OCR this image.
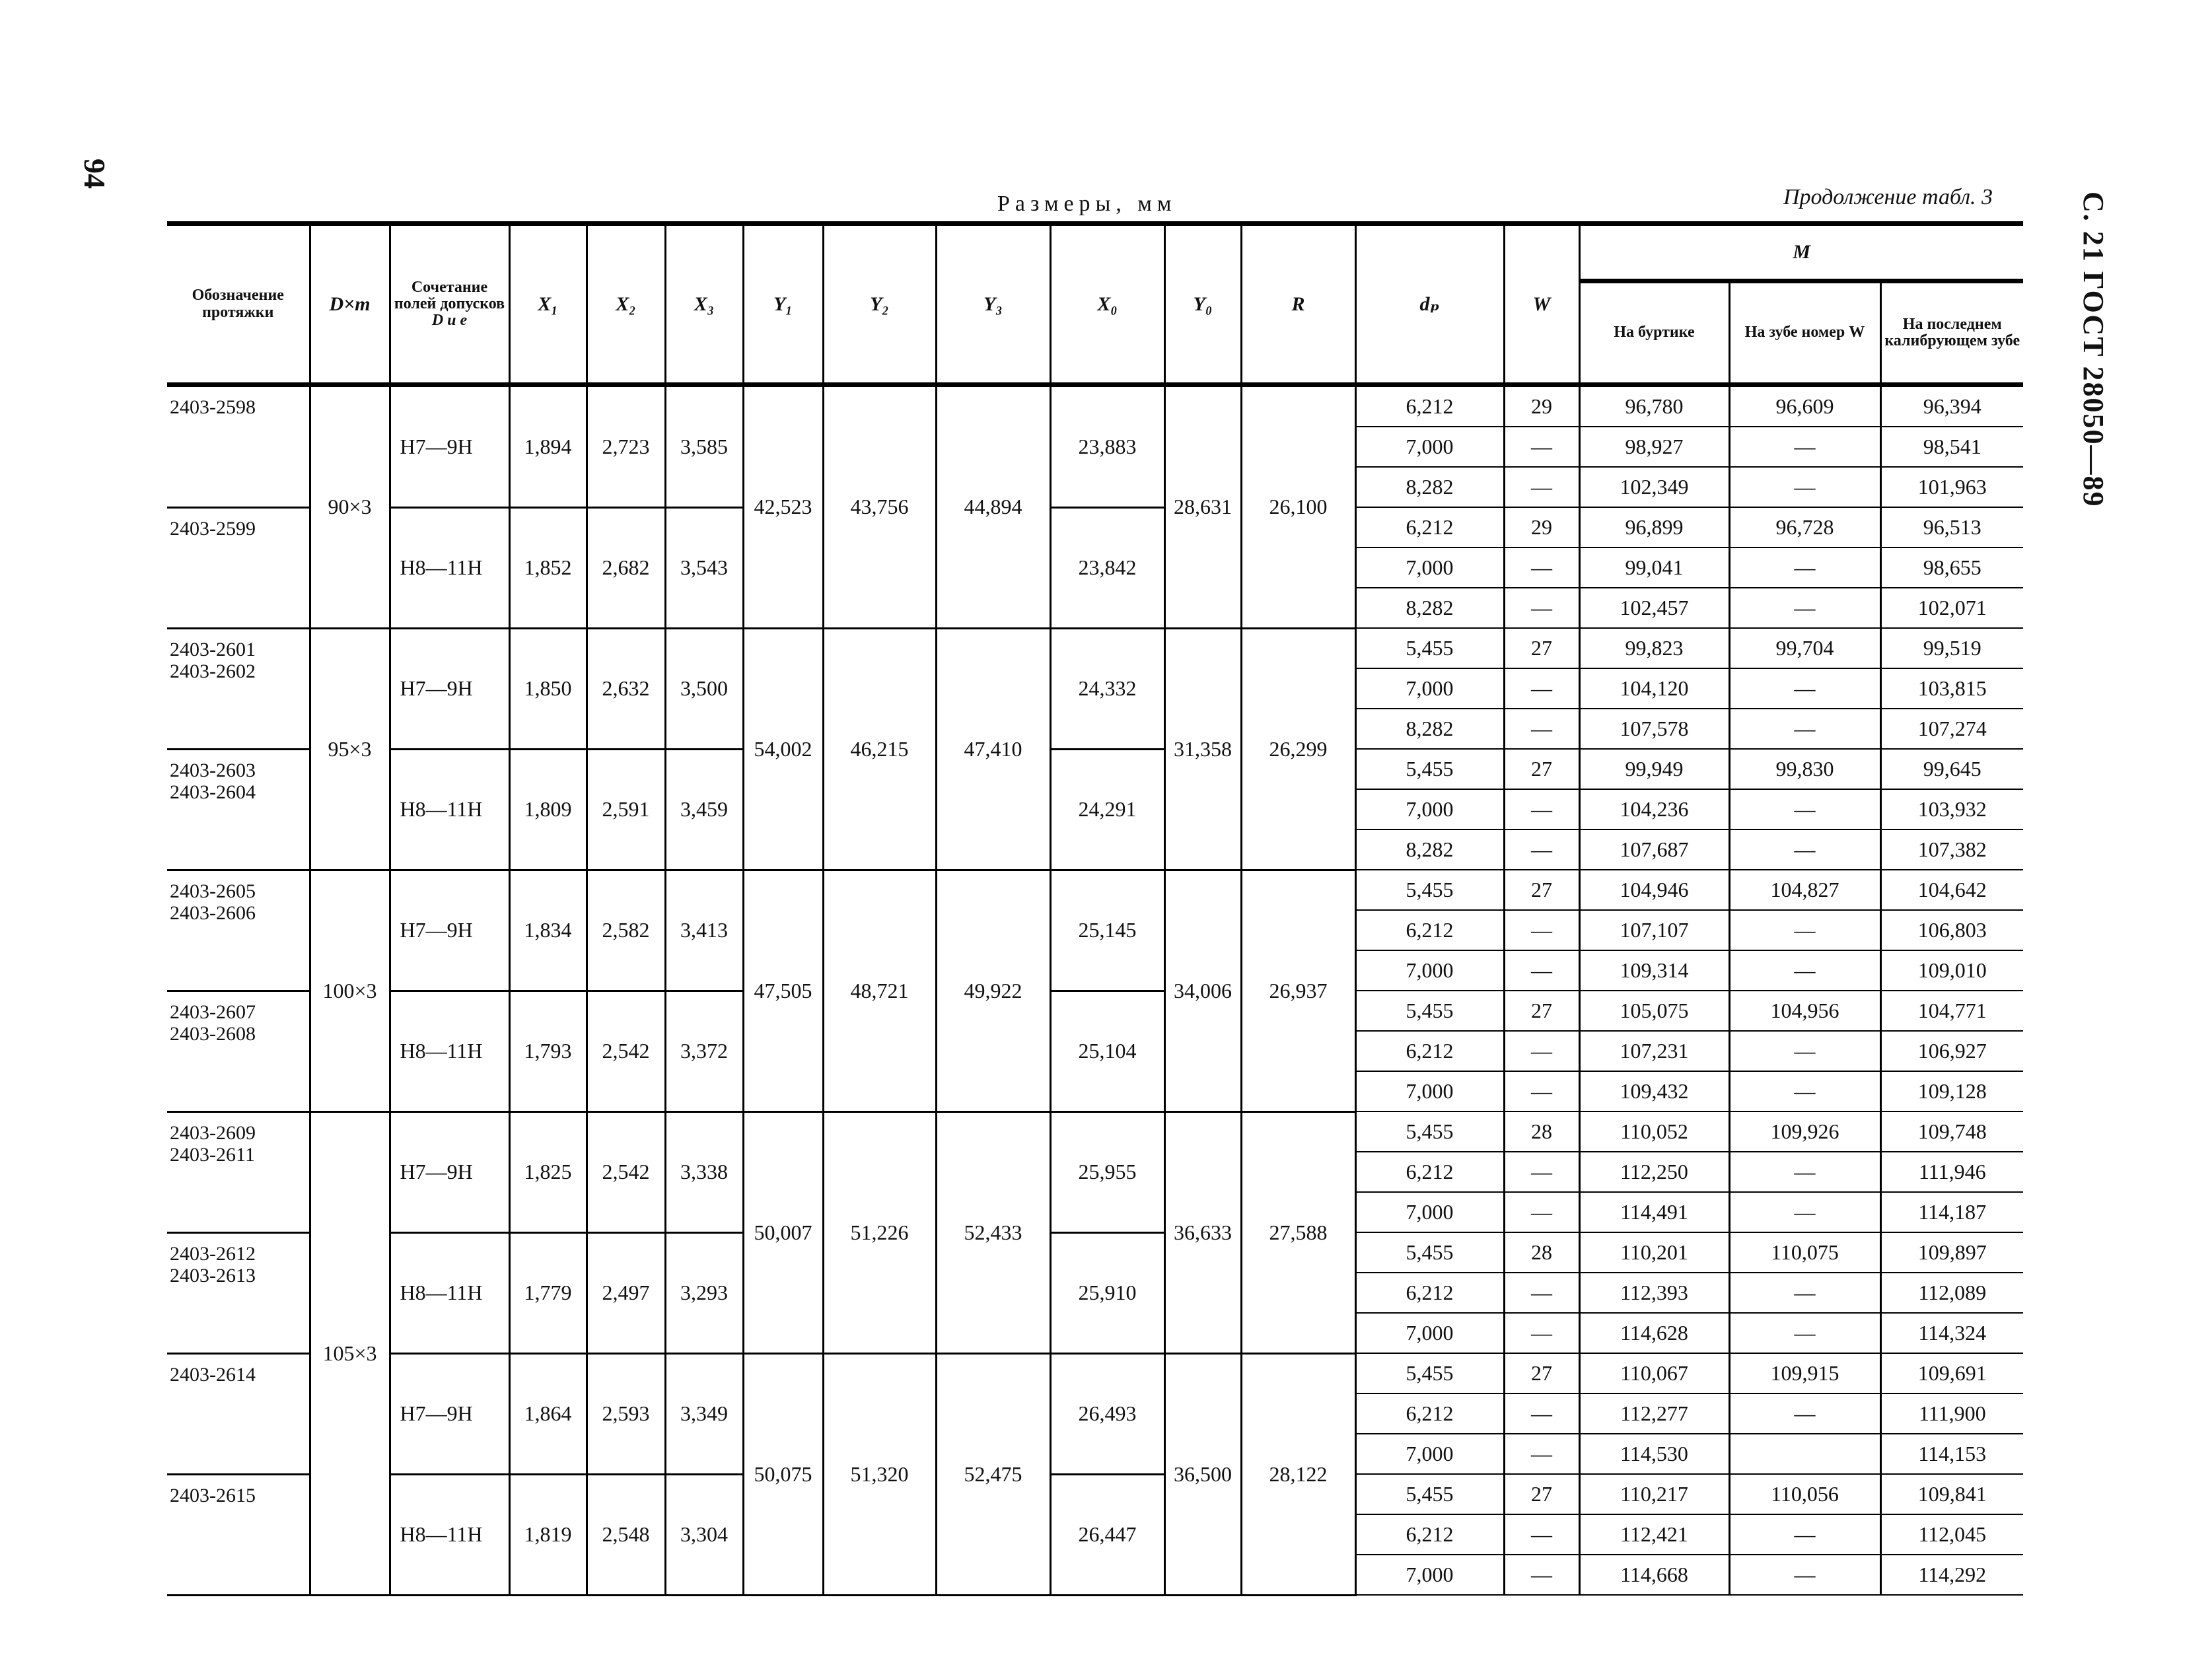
94
С. 21 ГОСТ 28050—89
Размеры, мм	Продолжение табл. 3
Обозначение протяжки	D×m	Сочетание полей допусков
D и e	X₁	X₂	X₃	Y₁	Y₂	Y₃	X₀	Y₀	R	dₚ	W	M		
														На буртике	На зубе номер W	На последнем калибрующем зубе

2403-2598	90×3	H7—9H	1,894	2,723	3,585	42,523	43,756	44,894	23,883	28,631	26,100	6,212	29	96,780	96,609	96,394
												7,000	—	98,927	—	98,541
												8,282	—	102,349	—	101,963

2403-2599		H8—11H	1,852	2,682	3,543				23,842			6,212	29	96,899	96,728	96,513
												7,000	—	99,041	—	98,655
												8,282	—	102,457	—	102,071

2403-2601
2403-2602	95×3	H7—9H	1,850	2,632	3,500	54,002	46,215	47,410	24,332	31,358	26,299	5,455	27	99,823	99,704	99,519
												7,000	—	104,120	—	103,815
												8,282	—	107,578	—	107,274

2403-2603
2403-2604		H8—11H	1,809	2,591	3,459				24,291			5,455	27	99,949	99,830	99,645
												7,000	—	104,236	—	103,932
												8,282	—	107,687	—	107,382

2403-2605
2403-2606	100×3	H7—9H	1,834	2,582	3,413	47,505	48,721	49,922	25,145	34,006	26,937	5,455	27	104,946	104,827	104,642
												6,212	—	107,107	—	106,803
												7,000	—	109,314	—	109,010

2403-2607
2403-2608		H8—11H	1,793	2,542	3,372				25,104			5,455	27	105,075	104,956	104,771
												6,212	—	107,231	—	106,927
												7,000	—	109,432	—	109,128

2403-2609
2403-2611	105×3	H7—9H	1,825	2,542	3,338	50,007	51,226	52,433	25,955	36,633	27,588	5,455	28	110,052	109,926	109,748
												6,212	—	112,250	—	111,946
												7,000	—	114,491	—	114,187

2403-2612
2403-2613		H8—11H	1,779	2,497	3,293				25,910			5,455	28	110,201	110,075	109,897
												6,212	—	112,393	—	112,089
												7,000	—	114,628	—	114,324

2403-2614		H7—9H	1,864	2,593	3,349	50,075	51,320	52,475	26,493	36,500	28,122	5,455	27	110,067	109,915	109,691
												6,212	—	112,277	—	111,900
												7,000	—	114,530		114,153

2403-2615		H8—11H	1,819	2,548	3,304				26,447			5,455	27	110,217	110,056	109,841
												6,212	—	112,421	—	112,045
												7,000	—	114,668	—	114,292
